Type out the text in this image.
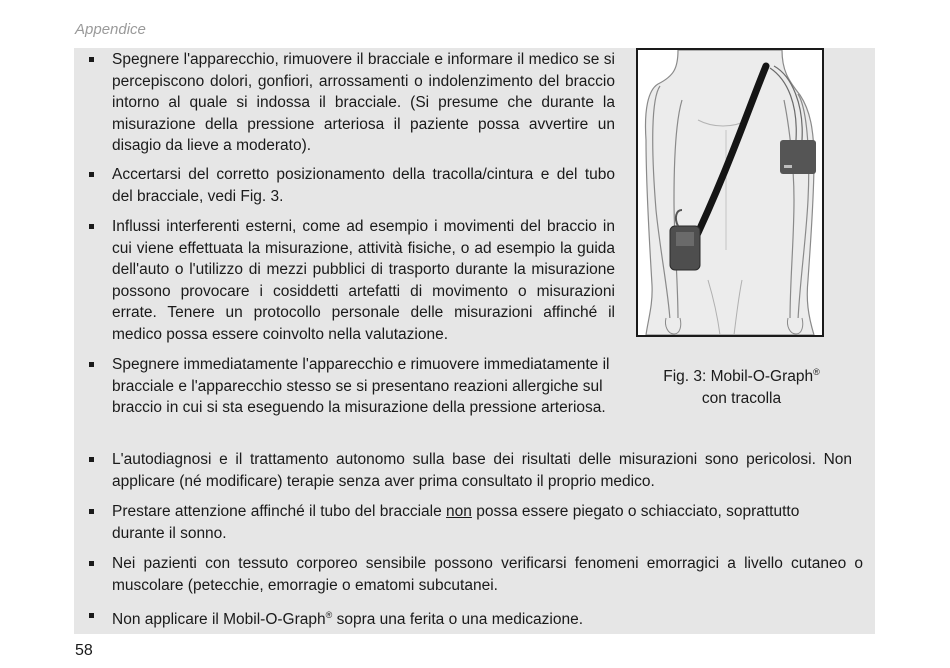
Appendice
Spegnere l'apparecchio, rimuovere il bracciale e informare il medico se si percepiscono dolori, gonfiori, arrossamenti o indolenzimento del braccio intorno al quale si indossa il bracciale. (Si presume che durante la misurazione della pressione arteriosa il paziente possa avvertire un disagio da lieve a moderato).
Accertarsi del corretto posizionamento della tracolla/cintura e del tubo del bracciale, vedi Fig. 3.
Influssi interferenti esterni, come ad esempio i movimenti del braccio in cui viene effettuata la misurazione, attività fisiche, o ad esempio la guida dell'auto o l'utilizzo di mezzi pubblici di trasporto durante la misurazione possono provocare i cosiddetti artefatti di movimento o misurazioni errate. Tenere un protocollo personale delle misurazioni affinché il medico possa essere coinvolto nella valutazione.
Spegnere immediatamente l'apparecchio e rimuovere immediatamente il bracciale e l'apparecchio stesso se si presentano reazioni allergiche sul braccio in cui si sta eseguendo la misurazione della pressione arteriosa.
L'autodiagnosi e il trattamento autonomo sulla base dei risultati delle misurazioni sono pericolosi. Non applicare (né modificare) terapie senza aver prima consultato il proprio medico.
Prestare attenzione affinché il tubo del bracciale non possa essere piegato o schiacciato, soprattutto durante il sonno.
Nei pazienti con tessuto corporeo sensibile possono verificarsi fenomeni emorragici a livello cutaneo o muscolare (petecchie, emorragie o ematomi subcutanei.
Non applicare il Mobil-O-Graph® sopra una ferita o una medicazione.
Fig. 3: Mobil-O-Graph®
con tracolla
58
